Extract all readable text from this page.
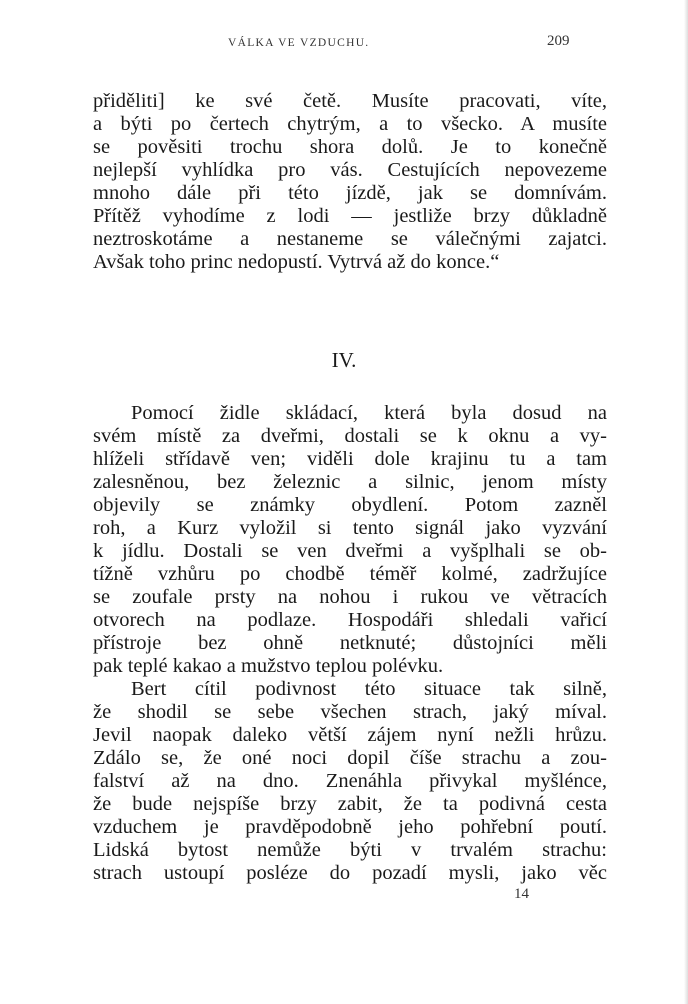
VÁLKA VE VZDUCHU.	209
přiděliti] ke své četě. Musíte pracovati, víte,
a býti po čertech chytrým, a to všecko. A musíte
se pověsiti trochu shora dolů. Je to konečně
nejlepší vyhlídka pro vás. Cestujících nepovezeme
mnoho dále při této jízdě, jak se domnívám.
Přítěž vyhodíme z lodi — jestliže brzy důkladně
neztroskotáme a nestaneme se válečnými zajatci.
Avšak toho princ nedopustí. Vytrvá až do konce.“
IV.
Pomocí židle skládací, která byla dosud na
svém místě za dveřmi, dostali se k oknu a vy-
hlíželi střídavě ven; viděli dole krajinu tu a tam
zalesněnou, bez železnic a silnic, jenom místy
objevily se známky obydlení. Potom zazněl
roh, a Kurz vyložil si tento signál jako vyzvání
k jídlu. Dostali se ven dveřmi a vyšplhali se ob-
tížně vzhůru po chodbě téměř kolmé, zadržujíce
se zoufale prsty na nohou i rukou ve větracích
otvorech na podlaze. Hospodáři shledali vařicí
přístroje bez ohně netknuté; důstojníci měli
pak teplé kakao a mužstvo teplou polévku.
Bert cítil podivnost této situace tak silně,
že shodil se sebe všechen strach, jaký míval.
Jevil naopak daleko větší zájem nyní nežli hrůzu.
Zdálo se, že oné noci dopil číše strachu a zou-
falství až na dno. Znenáhla přivykal myšlénce,
že bude nejspíše brzy zabit, že ta podivná cesta
vzduchem je pravděpodobně jeho pohřební poutí.
Lidská bytost nemůže býti v trvalém strachu:
strach ustoupí posléze do pozadí mysli, jako věc
14
